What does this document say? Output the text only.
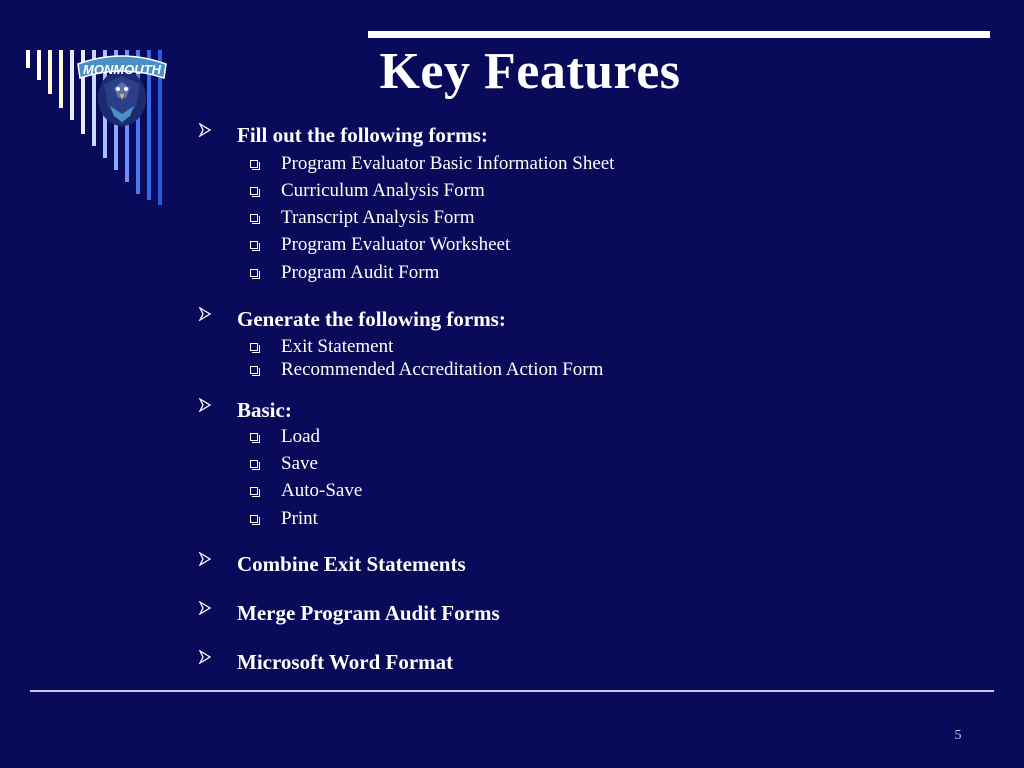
MONMOUTH	Key Features
Fill out the following forms:
Program Evaluator Basic Information Sheet
Curriculum Analysis Form
Transcript Analysis Form
Program Evaluator Worksheet
Program Audit Form
Generate the following forms:
Exit Statement
Recommended Accreditation Action Form
Basic:
Load
Save
Auto-Save
Print
Combine Exit Statements
Merge Program Audit Forms
Microsoft Word Format
5
